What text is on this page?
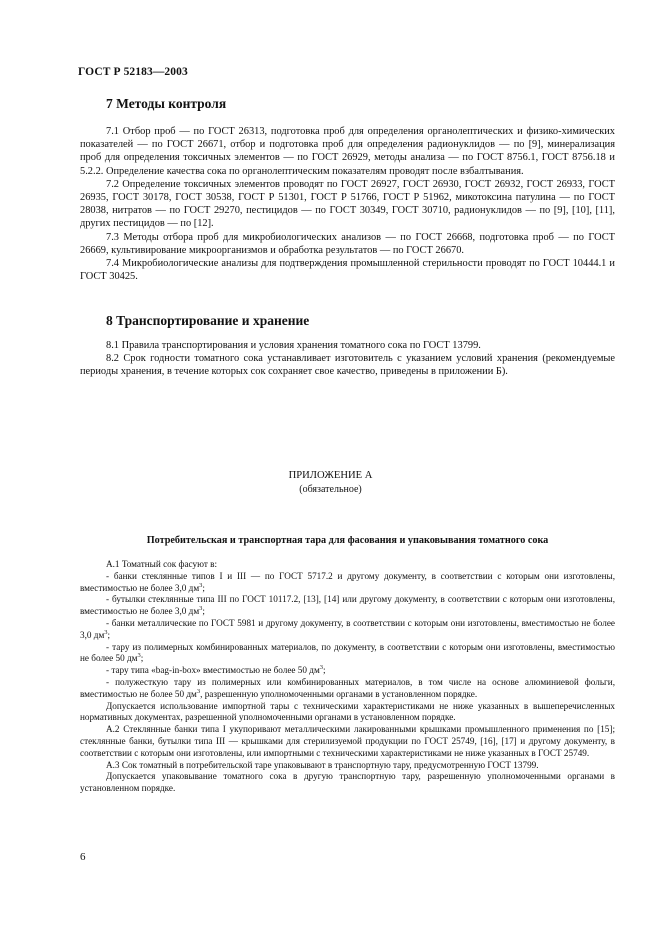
ГОСТ Р 52183—2003
7 Методы контроля

7.1 Отбор проб — по ГОСТ 26313, подготовка проб для определения органолептических и физико-химических показателей — по ГОСТ 26671, отбор и подготовка проб для определения радионуклидов — по [9], минерализация проб для определения токсичных элементов — по ГОСТ 26929, методы анализа — по ГОСТ 8756.1, ГОСТ 8756.18 и 5.2.2. Определение качества сока по органолептическим показателям проводят после взбалтывания.

7.2 Определение токсичных элементов проводят по ГОСТ 26927, ГОСТ 26930, ГОСТ 26932, ГОСТ 26933, ГОСТ 26935, ГОСТ 30178, ГОСТ 30538, ГОСТ Р 51301, ГОСТ Р 51766, ГОСТ Р 51962, микотоксина патулина — по ГОСТ 28038, нитратов — по ГОСТ 29270, пестицидов — по ГОСТ 30349, ГОСТ 30710, радионуклидов — по [9], [10], [11], других пестицидов — по [12].

7.3 Методы отбора проб для микробиологических анализов — по ГОСТ 26668, подготовка проб — по ГОСТ 26669, культивирование микроорганизмов и обработка результатов — по ГОСТ 26670.

7.4 Микробиологические анализы для подтверждения промышленной стерильности проводят по ГОСТ 10444.1 и ГОСТ 30425.

8 Транспортирование и хранение

8.1 Правила транспортирования и условия хранения томатного сока по ГОСТ 13799.

8.2 Срок годности томатного сока устанавливает изготовитель с указанием условий хранения (рекомендуемые периоды хранения, в течение которых сок сохраняет свое качество, приведены в приложении Б).

ПРИЛОЖЕНИЕ А
(обязательное)
Потребительская и транспортная тара для фасования и упаковывания томатного сока

А.1 Томатный сок фасуют в:

- банки стеклянные типов I и III — по ГОСТ 5717.2 и другому документу, в соответствии с которым они изготовлены, вместимостью не более 3,0 $дм^3$;

- бутылки стеклянные типа III по ГОСТ 10117.2, [13], [14] или другому документу, в соответствии с которым они изготовлены, вместимостью не более 3,0 $дм^3$;

- банки металлические по ГОСТ 5981 и другому документу, в соответствии с которым они изготовлены, вместимостью не более 3,0 $дм^3$;

- тару из полимерных комбинированных материалов, по документу, в соответствии с которым они изготовлены, вместимостью не более 50 $дм^3$;

- тару типа «bag-in-box» вместимостью не более 50 $дм^3$;

- полужесткую тару из полимерных или комбинированных материалов, в том числе на основе алюминиевой фольги, вместимостью не более 50 $дм^3$, разрешенную уполномоченными органами в установленном порядке.

Допускается использование импортной тары с техническими характеристиками не ниже указанных в вышеперечисленных нормативных документах, разрешенной уполномоченными органами в установленном порядке.

А.2 Стеклянные банки типа I укупоривают металлическими лакированными крышками промышленного применения по [15]; стеклянные банки, бутылки типа III — крышками для стерилизуемой продукции по ГОСТ 25749, [16], [17] и другому документу, в соответствии с которым они изготовлены, или импортными с техническими характеристиками не ниже указанных в ГОСТ 25749.

А.3 Сок томатный в потребительской таре упаковывают в транспортную тару, предусмотренную ГОСТ 13799.

Допускается упаковывание томатного сока в другую транспортную тару, разрешенную уполномоченными органами в установленном порядке.

6
